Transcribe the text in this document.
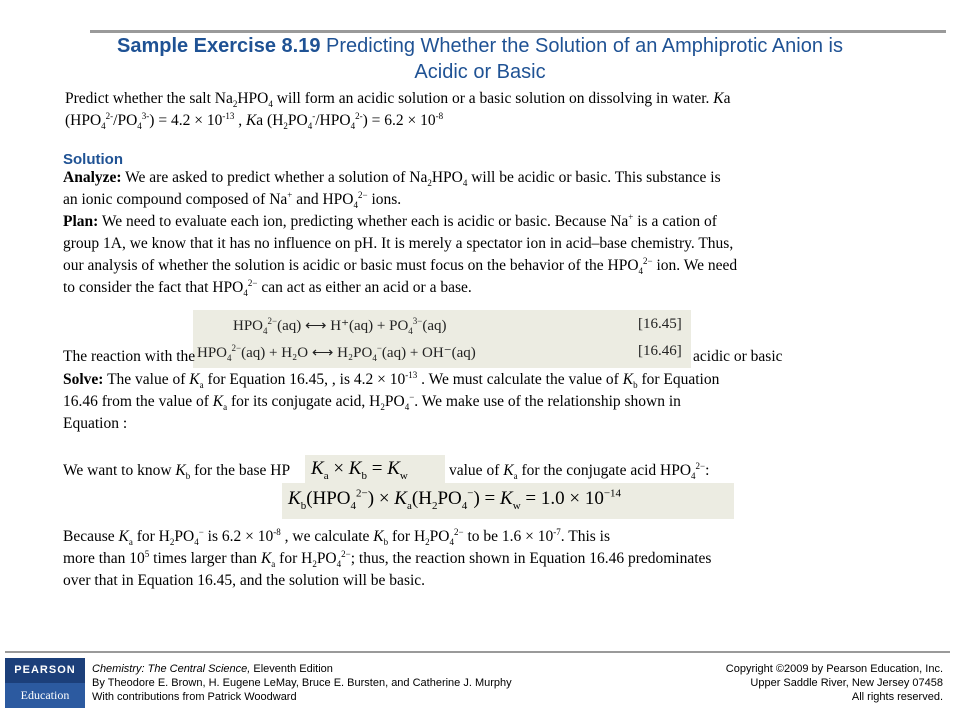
Sample Exercise 8.19 Predicting Whether the Solution of an Amphiprotic Anion is
Acidic or Basic
Predict whether the salt $Na_2HPO_4$ will form an acidic solution or a basic solution on dissolving in water. Ka
$(HPO_4^{2-}/PO_4^{3-}) = 4.2 \times 10^{-13}$ , Ka $(H_2PO_4^-/HPO_4^{2-}) = 6.2 \times 10^{-8}$
Solution
Analyze: We are asked to predict whether a solution of $Na_2HPO_4$ will be acidic or basic. This substance is
an ionic compound composed of Na+ and $HPO_4^{2-}$ ions.
Plan: We need to evaluate each ion, predicting whether each is acidic or basic. Because Na+ is a cation of
group 1A, we know that it has no influence on pH. It is merely a spectator ion in acid–base chemistry. Thus,
our analysis of whether the solution is acidic or basic must focus on the behavior of the $HPO_4^{2-}$ ion. We need
to consider the fact that $HPO_4^{2-}$ can act as either an acid or a base.
$HPO_4^{2-}(aq)$ ⟷ $H^+(aq) + PO_4^{3-}(aq)$	[16.45]
$HPO_4^{2-}(aq) + H_2O$ ⟷ $H_2PO_4^-(aq) + OH^-(aq)$	[16.46]
The reaction with the	acidic or basic
Solve: The value of $K_a$ for Equation 16.45, , is $4.2 \times 10^{-13}$ . We must calculate the value of $K_b$ for Equation
16.46 from the value of $K_a$ for its conjugate acid, $H_2PO_4^-$. We make use of the relationship shown in
Equation :
We want to know $K_b$ for the base HP $K_a \times K_b = K_w$	value of $K_a$ for the conjugate acid $HPO_4^{2-}$:
$K_b(HPO_4^{2-}) \times K_a(H_2PO_4^-) = K_w = 1.0 \times 10^{-14}$
Because $K_a$ for $H_2PO_4^-$ is $6.2 \times 10^{-8}$ , we calculate $K_b$ for $H_2PO_4^{2-}$ to be $1.6 \times 10^{-7}$. This is
more than $10^5$ times larger than $K_a$ for $H_2PO_4^{2-}$; thus, the reaction shown in Equation 16.46 predominates
over that in Equation 16.45, and the solution will be basic.
PEARSON
Education
Chemistry: The Central Science, Eleventh Edition
By Theodore E. Brown, H. Eugene LeMay, Bruce E. Bursten, and Catherine J. Murphy
With contributions from Patrick Woodward
Copyright ©2009 by Pearson Education, Inc.
Upper Saddle River, New Jersey 07458
All rights reserved.
